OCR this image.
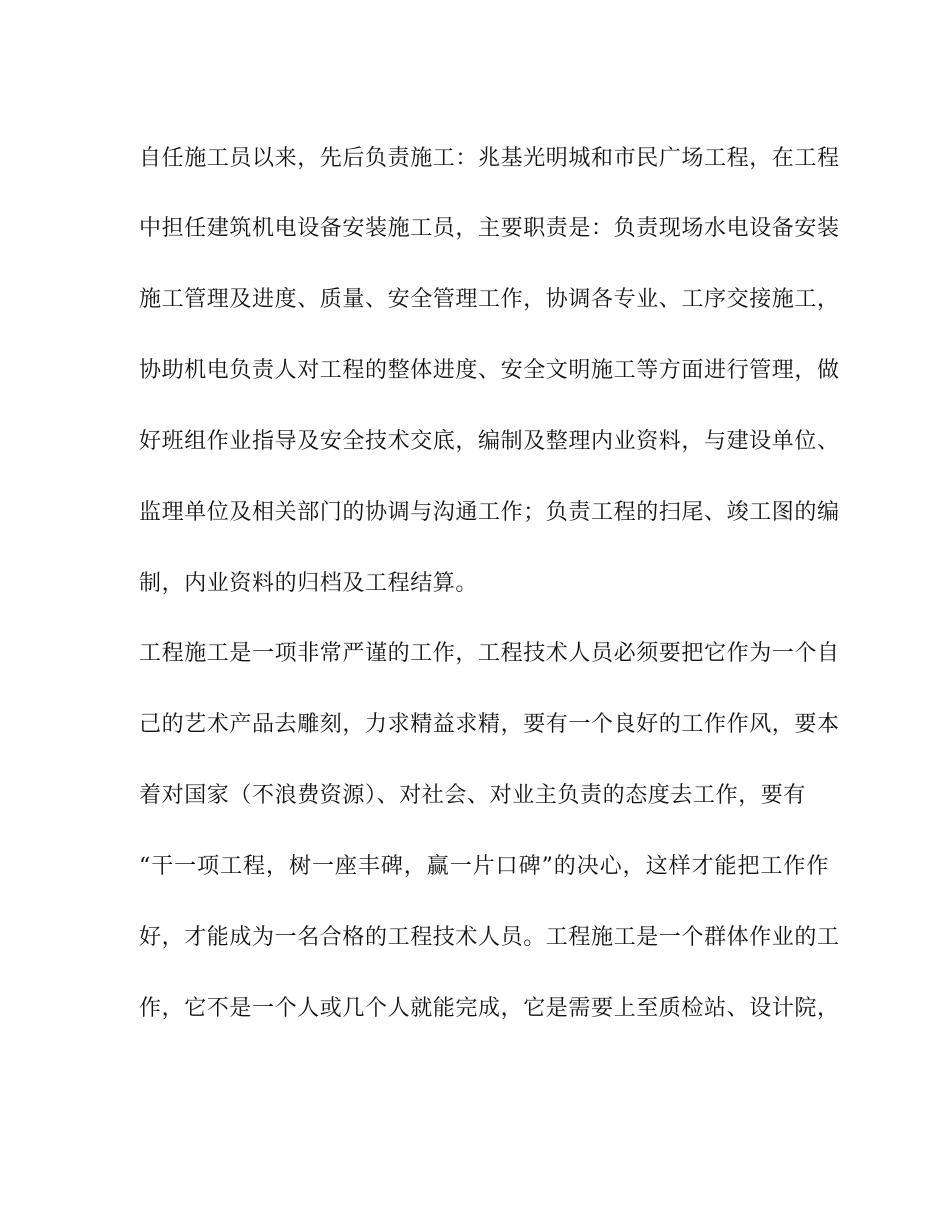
自任施工员以来，先后负责施工：兆基光明城和市民广场工程，在工程
中担任建筑机电设备安装施工员，主要职责是：负责现场水电设备安装
施工管理及进度、质量、安全管理工作，协调各专业、工序交接施工，
协助机电负责人对工程的整体进度、安全文明施工等方面进行管理，做
好班组作业指导及安全技术交底，编制及整理内业资料，与建设单位、
监理单位及相关部门的协调与沟通工作；负责工程的扫尾、竣工图的编
制，内业资料的归档及工程结算。
工程施工是一项非常严谨的工作，工程技术人员必须要把它作为一个自
己的艺术产品去雕刻，力求精益求精，要有一个良好的工作作风，要本
着对国家（不浪费资源）、对社会、对业主负责的态度去工作，要有
“干一项工程，树一座丰碑，赢一片口碑”的决心，这样才能把工作作
好，才能成为一名合格的工程技术人员。工程施工是一个群体作业的工
作，它不是一个人或几个人就能完成，它是需要上至质检站、设计院，
